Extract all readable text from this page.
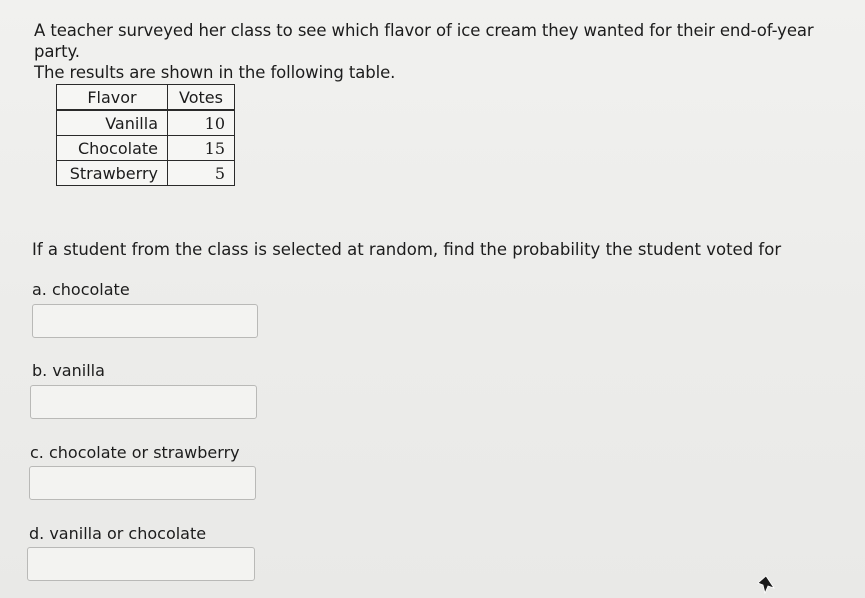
A teacher surveyed her class to see which flavor of ice cream they wanted for their end-of-year party.

The results are shown in the following table.

Flavor	Votes
Vanilla	10
Chocolate	15
Strawberry	5

If a student from the class is selected at random, find the probability the student voted for

a. chocolate

b. vanilla

c. chocolate or strawberry

d. vanilla or chocolate
